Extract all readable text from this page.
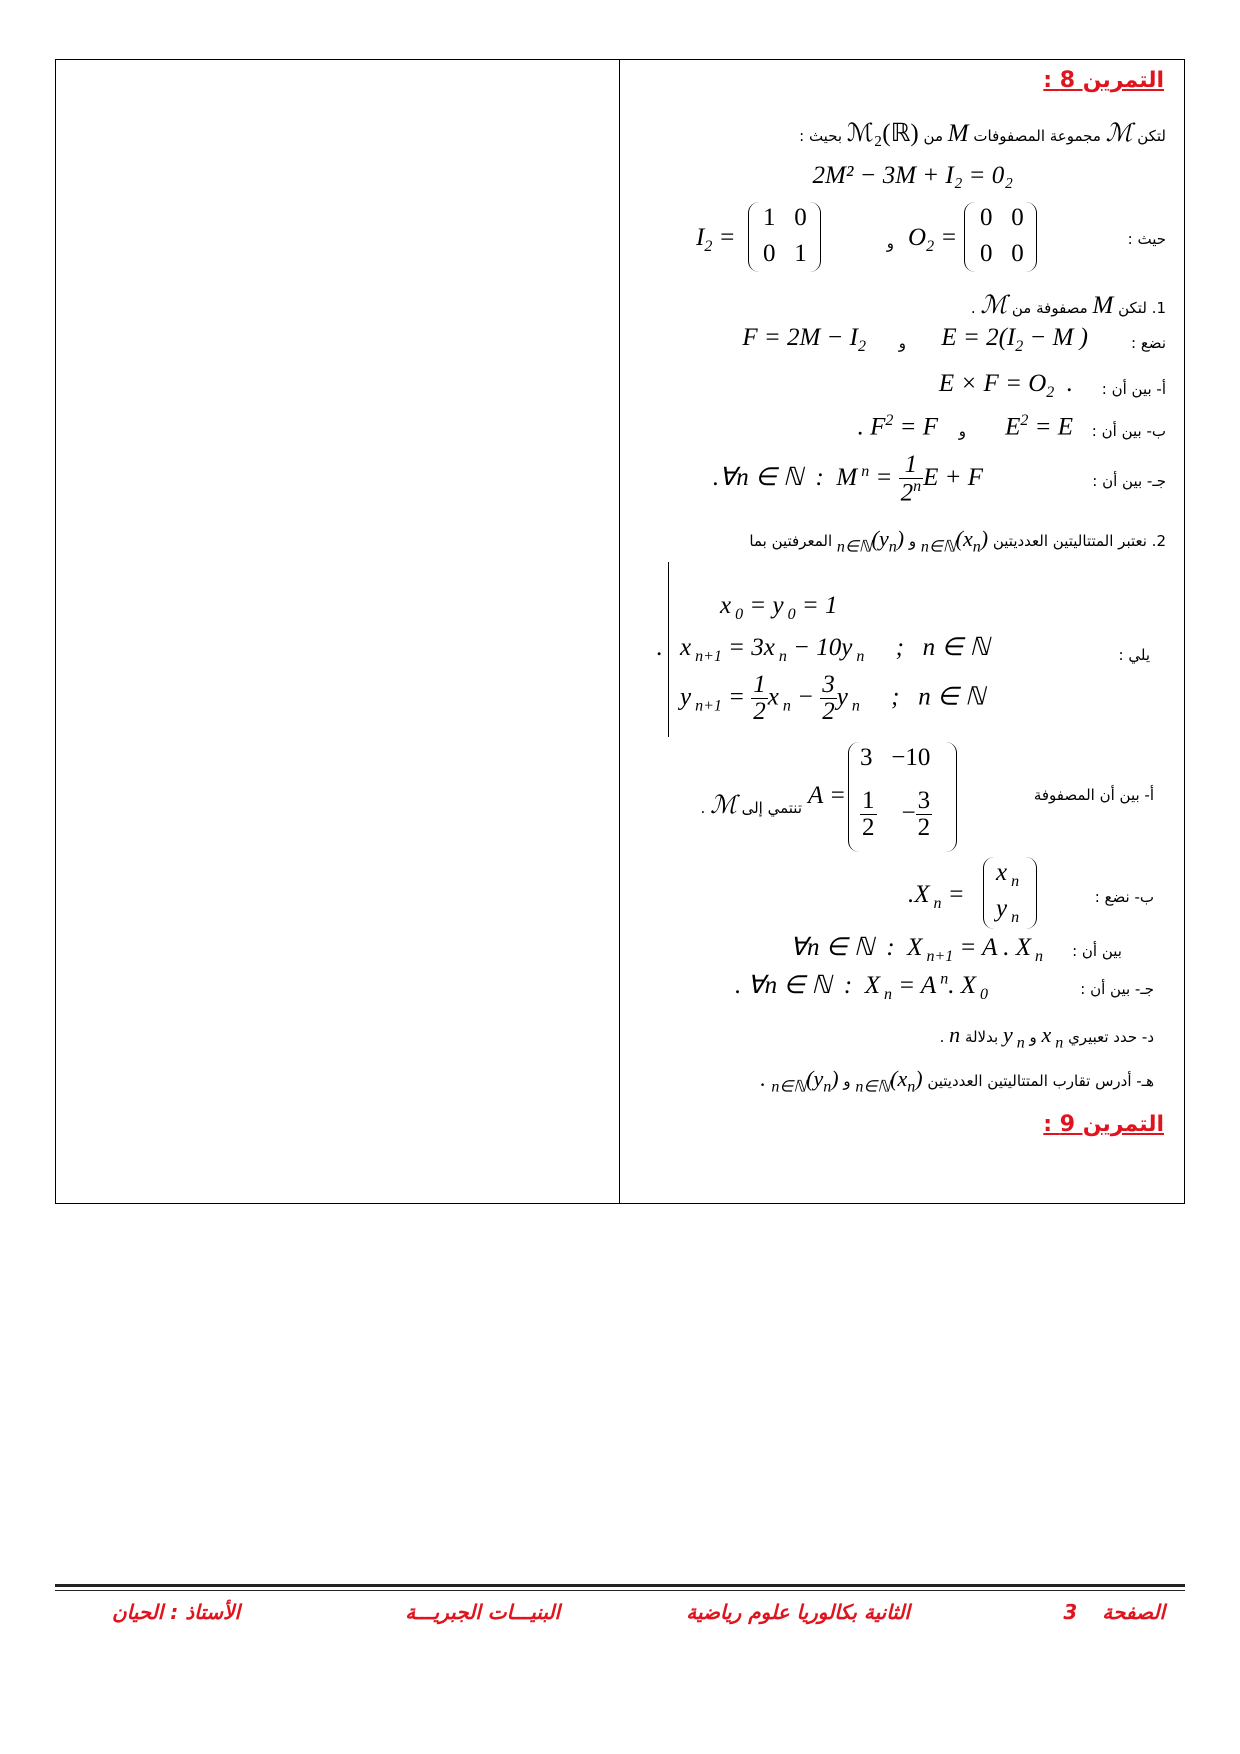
التمرين 8 :
لتكن ℳ مجموعة المصفوفات M من ℳ₂(ℝ) بحيث :
2M² − 3M + I₂ = 0₂
حيث :
$I_2$ =
1   0
0   1	و $O_2$ =
0   0
0   0
1. لتكن M مصفوفة من ℳ .
نضع :
$E = 2(I_2 - M$ )
و
$F = 2M - I_2$
أ- بين أن :
$E \times F = O_2$  .
ب- بين أن :
$E^2 = E$
و
. $F^2 = F$
جـ- بين أن :
.∀n ∈ ℕ  :  M $^n = \frac{1}{2^n}$ E + F
2. نعتبر المتتاليتين العدديتين $(x_n)_{n\in ℕ}$ و $(y_n)_{n\in ℕ}$ المعرفتين بما
يلي :
x $_0$ = y $_0$ = 1
x $_{n+1}$ = 3x $_n$ − 10y $_n$     ;   n ∈ ℕ
y $_{n+1} = \frac{1}{2}$ x $_n - \frac{3}{2}$ y $_n$     ;   n ∈ ℕ
.
أ- بين أن المصفوفة
A =
3   −10
$\frac{1}{2} - \frac{3}{2}$
تنتمي إلى ℳ .
ب- نضع :
.X $_n$ =
x $_n$
y $_n$
بين أن :
∀n ∈ ℕ  :  X $_{n+1}$ = A . X $_n$
جـ- بين أن :
. ∀n ∈ ℕ  :  X $_n$ = A $^n$. X $_0$
د- حدد تعبيري x $_n$ و y $_n$ بدلالة n .
هـ- أدرس تقارب المتتاليتين العدديتين $(x_n)_{n\in ℕ}$ و $(y_n)_{n\in ℕ}$ .
التمرين 9 :
الصفحة 3
الثانية بكالوريا علوم رياضية
البنيـــات الجبريـــة
الأستاذ : الحيان
